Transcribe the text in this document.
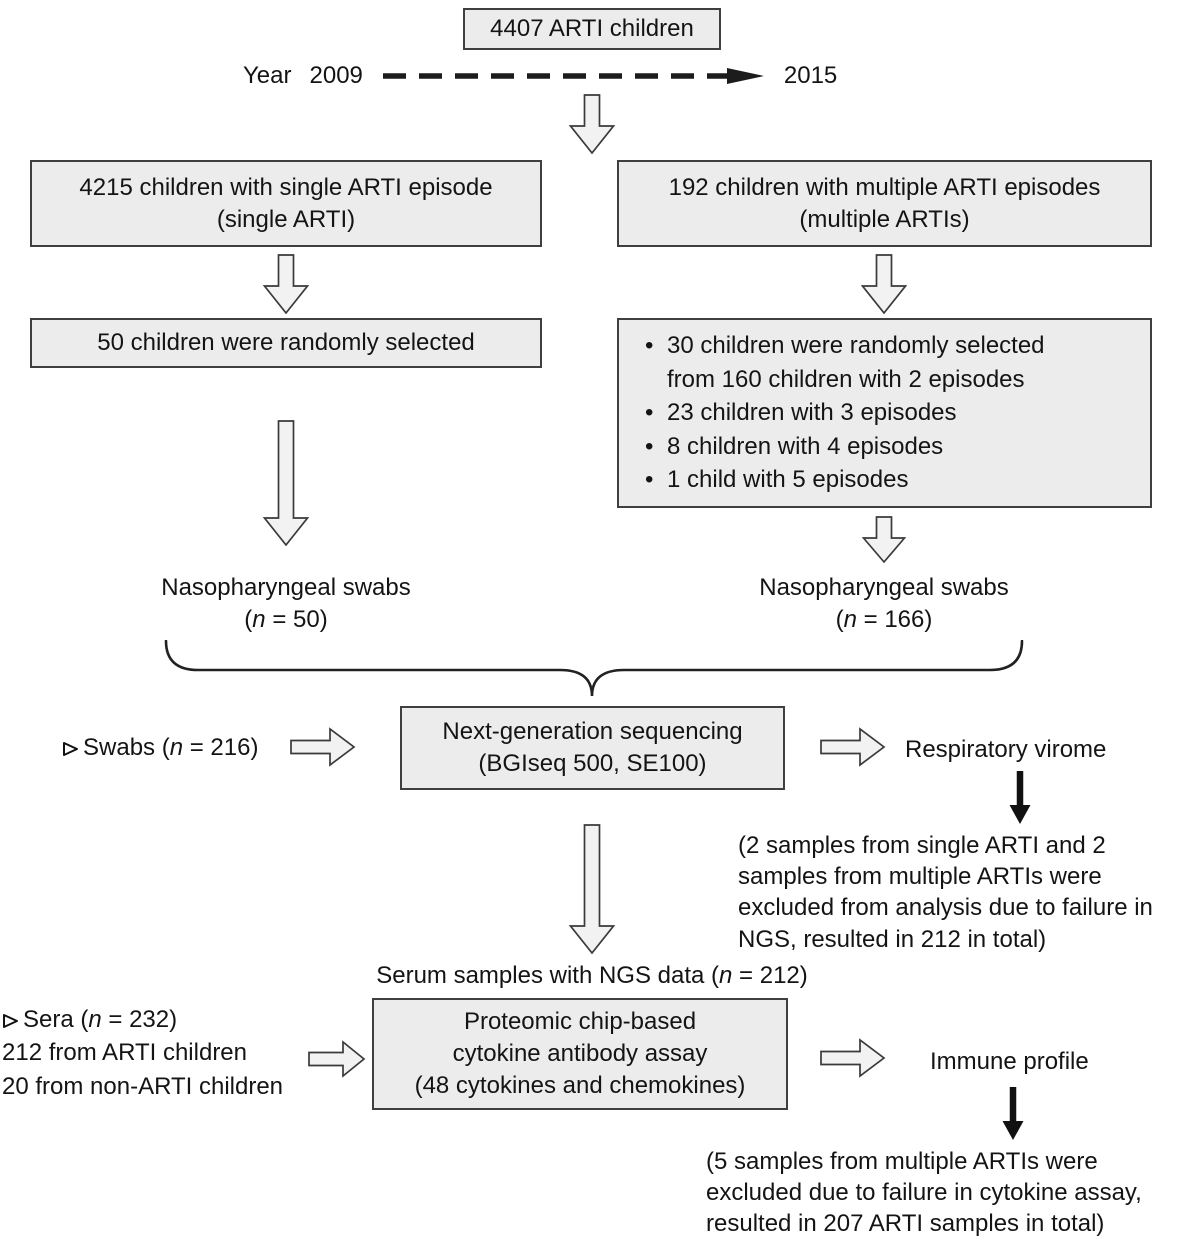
4407 ARTI children
Year 2009	2015
4215 children with single ARTI episode
(single ARTI)
192 children with multiple ARTI episodes
(multiple ARTIs)
50 children were randomly selected	• 30 children were randomly selected from 160 children with 2 episodes
• 23 children with 3 episodes
• 8 children with 4 episodes
• 1 child with 5 episodes
Nasopharyngeal swabs
(n = 50)
Nasopharyngeal swabs
(n = 166)
Next-generation sequencing
(BGIseq 500, SE100)
Swabs (n = 216)	Respiratory virome
(2 samples from single ARTI and 2 samples from multiple ARTIs were excluded from analysis due to failure in NGS, resulted in 212 in total)
Serum samples with NGS data (n = 212)
Proteomic chip-based
cytokine antibody assay
(48 cytokines and chemokines)
Sera (n = 232)
212 from ARTI children
20 from non-ARTI children
Immune profile
(5 samples from multiple ARTIs were excluded due to failure in cytokine assay, resulted in 207 ARTI samples in total)
